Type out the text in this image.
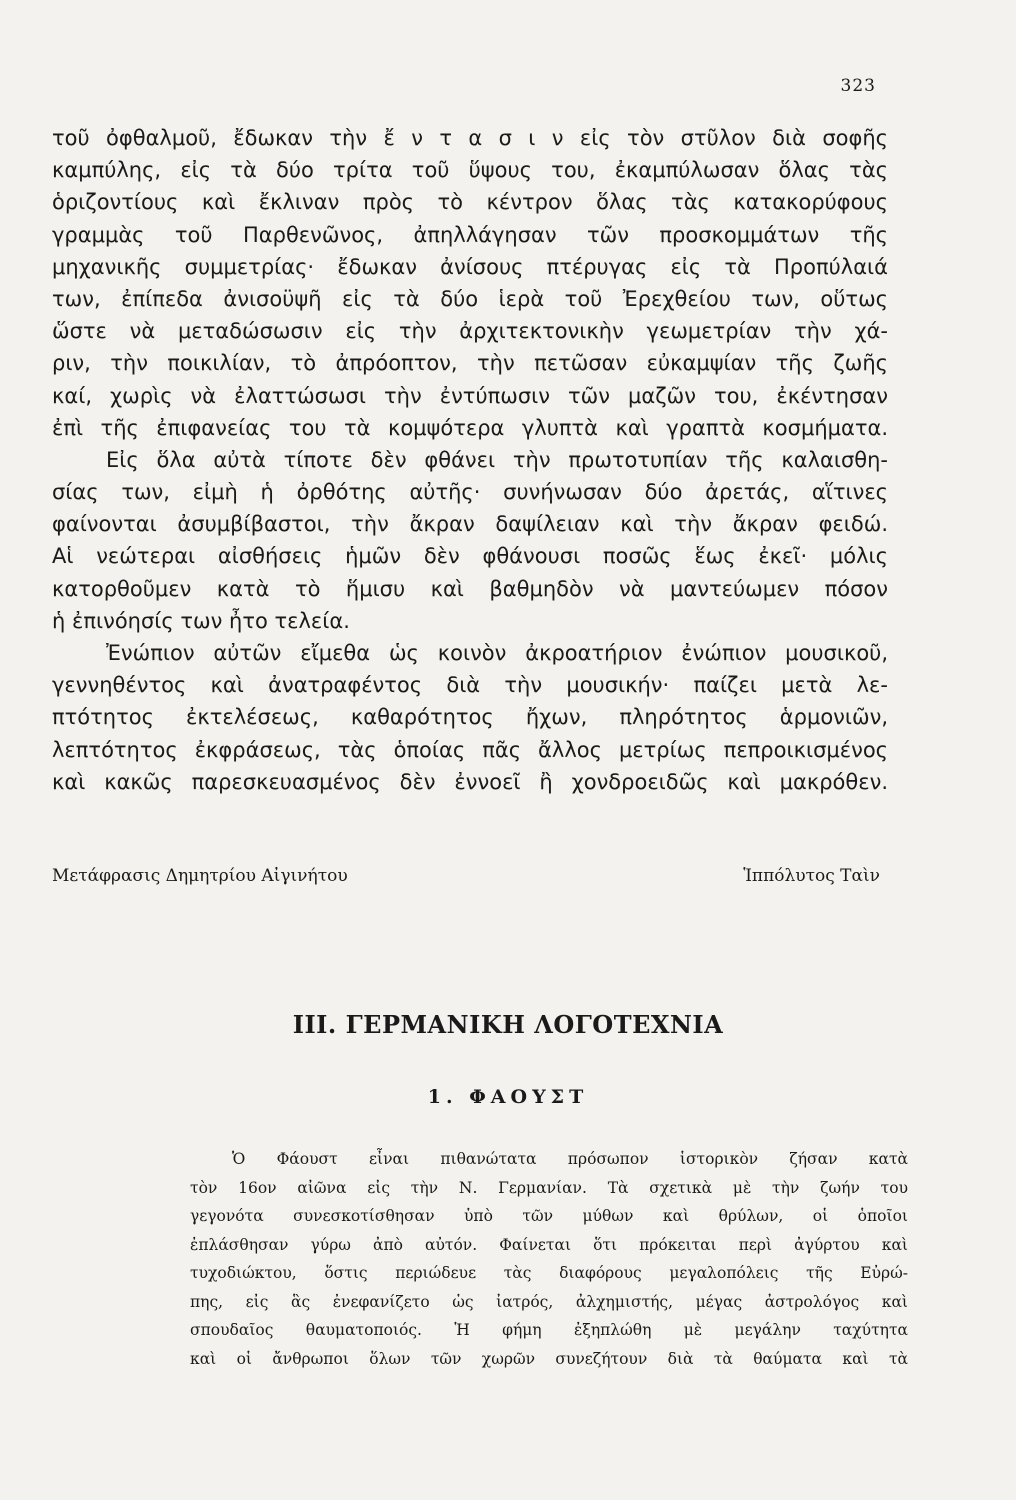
323
τοῦ ὀφθαλμοῦ, ἔδωκαν τὴν ἔ ν τ α σ ι ν εἰς τὸν στῦλον διὰ σοφῆς
καμπύλης, εἰς τὰ δύο τρίτα τοῦ ὕψους του, ἐκαμπύλωσαν ὅλας τὰς
ὁριζοντίους καὶ ἔκλιναν πρὸς τὸ κέντρον ὅλας τὰς κατακορύφους
γραμμὰς τοῦ Παρθενῶνος, ἀπηλλάγησαν τῶν προσκομμάτων τῆς
μηχανικῆς συμμετρίας· ἔδωκαν ἀνίσους πτέρυγας εἰς τὰ Προπύλαιά
των, ἐπίπεδα ἀνισοϋψῆ εἰς τὰ δύο ἱερὰ τοῦ Ἐρεχθείου των, οὕτως
ὥστε νὰ μεταδώσωσιν εἰς τὴν ἀρχιτεκτονικὴν γεωμετρίαν τὴν χά-
ριν, τὴν ποικιλίαν, τὸ ἀπρόοπτον, τὴν πετῶσαν εὐκαμψίαν τῆς ζωῆς
καί, χωρὶς νὰ ἐλαττώσωσι τὴν ἐντύπωσιν τῶν μαζῶν του, ἐκέντησαν
ἐπὶ τῆς ἐπιφανείας του τὰ κομψότερα γλυπτὰ καὶ γραπτὰ κοσμήματα.
Εἰς ὅλα αὐτὰ τίποτε δὲν φθάνει τὴν πρωτοτυπίαν τῆς καλαισθη-
σίας των, εἰμὴ ἡ ὀρθότης αὐτῆς· συνήνωσαν δύο ἀρετάς, αἵτινες
φαίνονται ἀσυμβίβαστοι, τὴν ἄκραν δαψίλειαν καὶ τὴν ἄκραν φειδώ.
Αἱ νεώτεραι αἰσθήσεις ἡμῶν δὲν φθάνουσι ποσῶς ἕως ἐκεῖ· μόλις
κατορθοῦμεν κατὰ τὸ ἥμισυ καὶ βαθμηδὸν νὰ μαντεύωμεν πόσον
ἡ ἐπινόησίς των ἦτο τελεία.
Ἐνώπιον αὐτῶν εἴμεθα ὡς κοινὸν ἀκροατήριον ἐνώπιον μουσικοῦ,
γεννηθέντος καὶ ἀνατραφέντος διὰ τὴν μουσικήν· παίζει μετὰ λε-
πτότητος ἐκτελέσεως, καθαρότητος ἤχων, πληρότητος ἁρμονιῶν,
λεπτότητος ἐκφράσεως, τὰς ὁποίας πᾶς ἄλλος μετρίως πεπροικισμένος
καὶ κακῶς παρεσκευασμένος δὲν ἐννοεῖ ἢ χονδροειδῶς καὶ μακρόθεν.
Μετάφρασις Δημητρίου Αἰγινήτου	Ἱππόλυτος Ταὶν
III. ΓΕΡΜΑΝΙΚΗ ΛΟΓΟΤΕΧΝΙΑ
1. ΦΑΟΥΣΤ
Ὁ Φάουστ εἶναι πιθανώτατα πρόσωπον ἱστορικὸν ζήσαν κατὰ
τὸν 16ον αἰῶνα εἰς τὴν Ν. Γερμανίαν. Τὰ σχετικὰ μὲ τὴν ζωήν του
γεγονότα συνεσκοτίσθησαν ὑπὸ τῶν μύθων καὶ θρύλων, οἱ ὁποῖοι
ἐπλάσθησαν γύρω ἀπὸ αὐτόν. Φαίνεται ὅτι πρόκειται περὶ ἀγύρτου καὶ
τυχοδιώκτου, ὅστις περιώδευε τὰς διαφόρους μεγαλοπόλεις τῆς Εὐρώ-
πης, εἰς ἃς ἐνεφανίζετο ὡς ἰατρός, ἀλχημιστής, μέγας ἀστρολόγος καὶ
σπουδαῖος θαυματοποιός. Ἡ φήμη ἐξηπλώθη μὲ μεγάλην ταχύτητα
καὶ οἱ ἄνθρωποι ὅλων τῶν χωρῶν συνεζήτουν διὰ τὰ θαύματα καὶ τὰ
